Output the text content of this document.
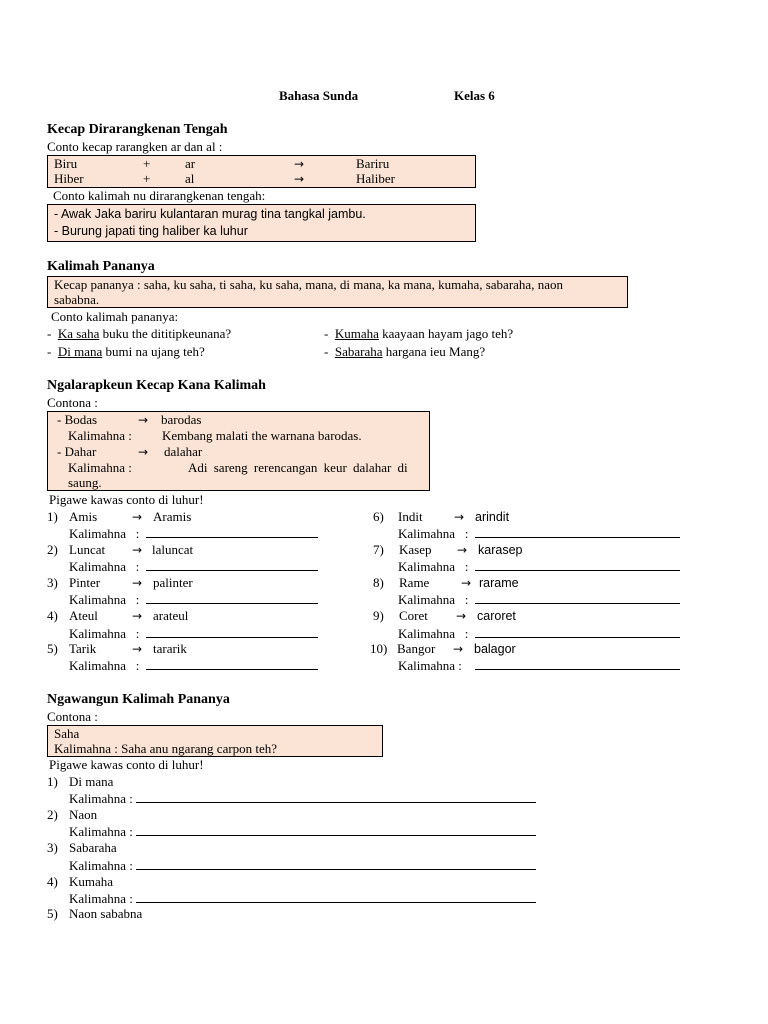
Bahasa Sunda	Kelas 6
Kecap Dirarangkenan Tengah
Conto kecap rarangken ar dan al :
Biru	+	ar	→	Bariru
Hiber	+	al	→	Haliber
Conto kalimah nu dirarangkenan tengah:
- Awak Jaka bariru kulantaran murag tina tangkal jambu.
- Burung japati ting haliber ka luhur
Kalimah Pananya
Kecap pananya : saha, ku saha, ti saha, ku saha, mana, di mana, ka mana, kumaha, sabaraha, naon
sababna.
Conto kalimah pananya:
- Ka saha buku the dititipkeunana?	- Kumaha kaayaan hayam jago teh?
- Di mana bumi na ujang teh?	- Sabaraha hargana ieu Mang?
Ngalarapkeun Kecap Kana Kalimah
Contona :
- Bodas	→ barodas
Kalimahna : Kembang malati the warnana barodas.
- Dahar	→ dalahar
Kalimahna :	Adi sareng rerencangan keur dalahar di
saung.
Pigawe kawas conto di luhur!
1) Amis	→ Aramis
Kalimahna :
2) Luncat → laluncat
Kalimahna :
3) Pinter	→ palinter
Kalimahna :
4) Ateul	→ arateul
Kalimahna :
5) Tarik	→ tararik
Kalimahna :
6) Indit	→ arindit
Kalimahna :
7) Kasep → karasep
Kalimahna :
8) Rame	→ rarame
Kalimahna :
9) Coret → caroret
Kalimahna :
10) Bangor → balagor
Kalimahna :
Ngawangun Kalimah Pananya
Contona :
Saha
Kalimahna : Saha anu ngarang carpon teh?
Pigawe kawas conto di luhur!
1) Di mana
Kalimahna :
2) Naon
Kalimahna :
3) Sabaraha
Kalimahna :
4) Kumaha
Kalimahna :
5) Naon sababna
